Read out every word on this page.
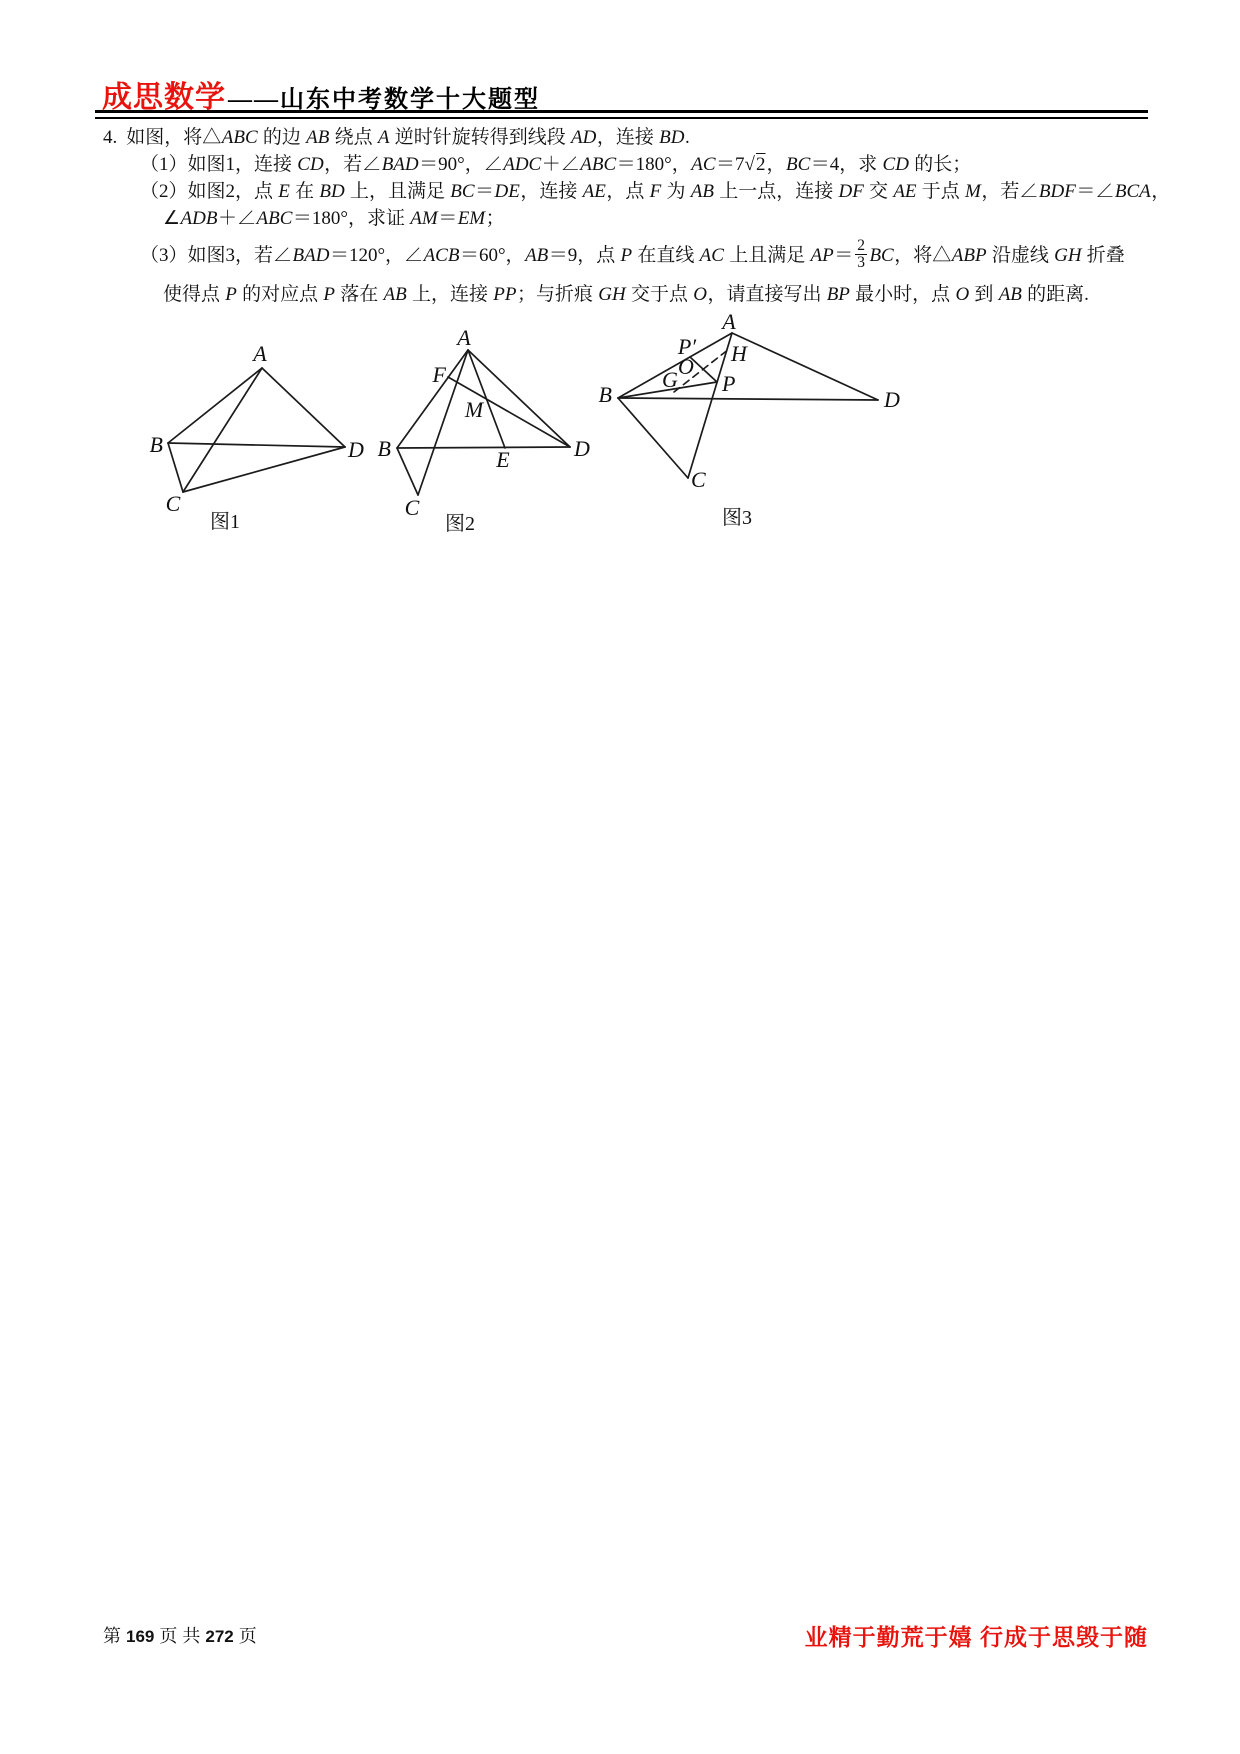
成思数学——山东中考数学十大题型
4. 如图，将△ABC 的边 AB 绕点 A 逆时针旋转得到线段 AD，连接 BD.
（1）如图1，连接 CD，若∠BAD＝90°，∠ADC＋∠ABC＝180°，AC＝7√2，BC＝4，求 CD 的长；
（2）如图2，点 E 在 BD 上，且满足 BC＝DE，连接 AE，点 F 为 AB 上一点，连接 DF 交 AE 于点 M，若∠BDF＝∠BCA，
∠ADB＋∠ABC＝180°，求证 AM＝EM；
（3）如图3，若∠BAD＝120°，∠ACB＝60°，AB＝9，点 P 在直线 AC 上且满足 $AP= \frac{2}{3}$ BC，将△ABP 沿虚线 GH 折叠
使得点 P 的对应点 P 落在 AB 上，连接 PP；与折痕 GH 交于点 O，请直接写出 BP 最小时，点 O 到 AB 的距离.
A
B
C
D
图1
A
F
M
B	D
E
C
图2
A
P′ H
O
G P
B	D
C
图3
第 169 页 共 272 页	业精于勤荒于嬉 行成于思毁于随
